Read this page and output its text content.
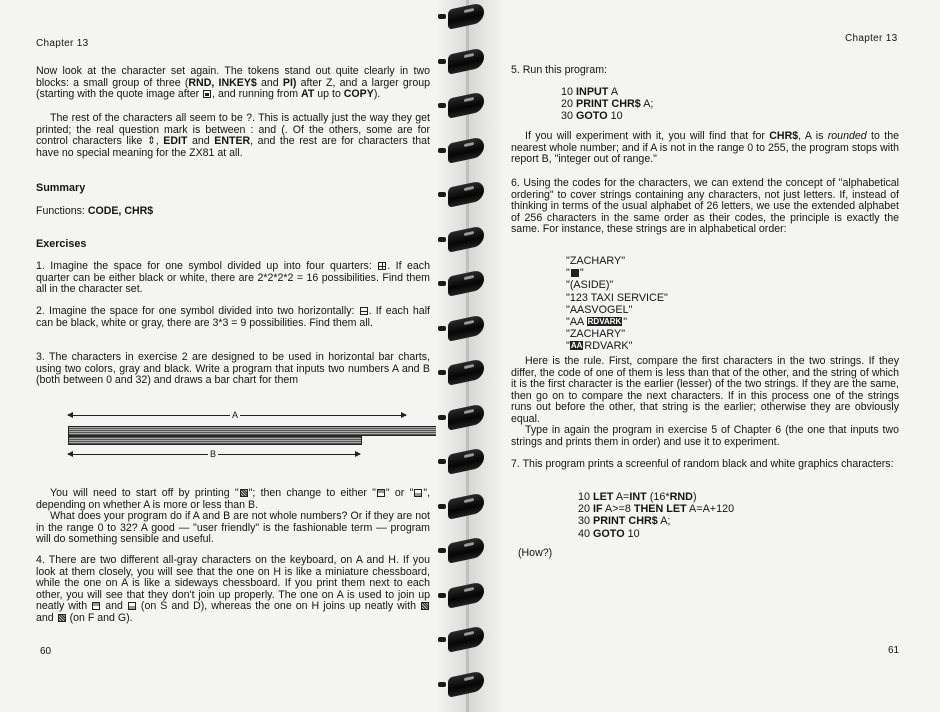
Chapter 13

Now look at the character set again. The tokens stand out quite clearly in two blocks: a small group of three (RND, INKEY$ and PI) after Z, and a larger group (starting with the quote image after , and running from AT up to COPY).

The rest of the characters all seem to be ?. This is actually just the way they get printed; the real question mark is between : and (. Of the others, some are for control characters like ⇕, EDIT and ENTER, and the rest are for characters that have no special meaning for the ZX81 at all.

Summary

Functions: CODE, CHR$

Exercises

1. Imagine the space for one symbol divided up into four quarters: . If each quarter can be either black or white, there are 2*2*2*2 = 16 possibilities. Find them all in the character set.

2. Imagine the space for one symbol divided into two horizontally: . If each half can be black, white or gray, there are 3*3 = 9 possibilities. Find them all.

3. The characters in exercise 2 are designed to be used in horizontal bar charts, using two colors, gray and black. Write a program that inputs two numbers A and B (both between 0 and 32) and draws a bar chart for them

A
B

You will need to start off by printing " "; then change to either " " or " ", depending on whether A is more or less than B.

What does your program do if A and B are not whole numbers? Or if they are not in the range 0 to 32? A good — "user friendly" is the fashionable term — program will do something sensible and useful.

4. There are two different all-gray characters on the keyboard, on A and H. If you look at them closely, you will see that the one on H is like a miniature chessboard, while the one on A is like a sideways chessboard. If you print them next to each other, you will see that they don't join up properly. The one on A is used to join up neatly with  and  (on S and D), whereas the one on H joins up neatly with  and  (on F and G).

60
Chapter 13
5. Run this program:
10 INPUT A
20 PRINT CHR$ A;
30 GOTO 10

If you will experiment with it, you will find that for CHR$, A is rounded to the nearest whole number; and if A is not in the range 0 to 255, the program stops with report B, "integer out of range."

6. Using the codes for the characters, we can extend the concept of "alphabetical ordering" to cover strings containing any characters, not just letters. If, instead of thinking in terms of the usual alphabet of 26 letters, we use the extended alphabet of 256 characters in the same order as their codes, the principle is exactly the same. For instance, these strings are in alphabetical order:

"ZACHARY"
" "
"(ASIDE)"
"123 TAXI SERVICE"
"AASVOGEL"
"AA RDVARK "
"ZACHARY"
"AA RDVARK"

Here is the rule. First, compare the first characters in the two strings. If they differ, the code of one of them is less than that of the other, and the string of which it is the first character is the earlier (lesser) of the two strings. If they are the same, then go on to compare the next characters. If in this process one of the strings runs out before the other, that string is the earlier; otherwise they are obviously equal.

Type in again the program in exercise 5 of Chapter 6 (the one that inputs two strings and prints them in order) and use it to experiment.

7. This program prints a screenful of random black and white graphics characters:

10 LET A=INT (16*RND)
20 IF A>=8 THEN LET A=A+120
30 PRINT CHR$ A;
40 GOTO 10
(How?)
61
